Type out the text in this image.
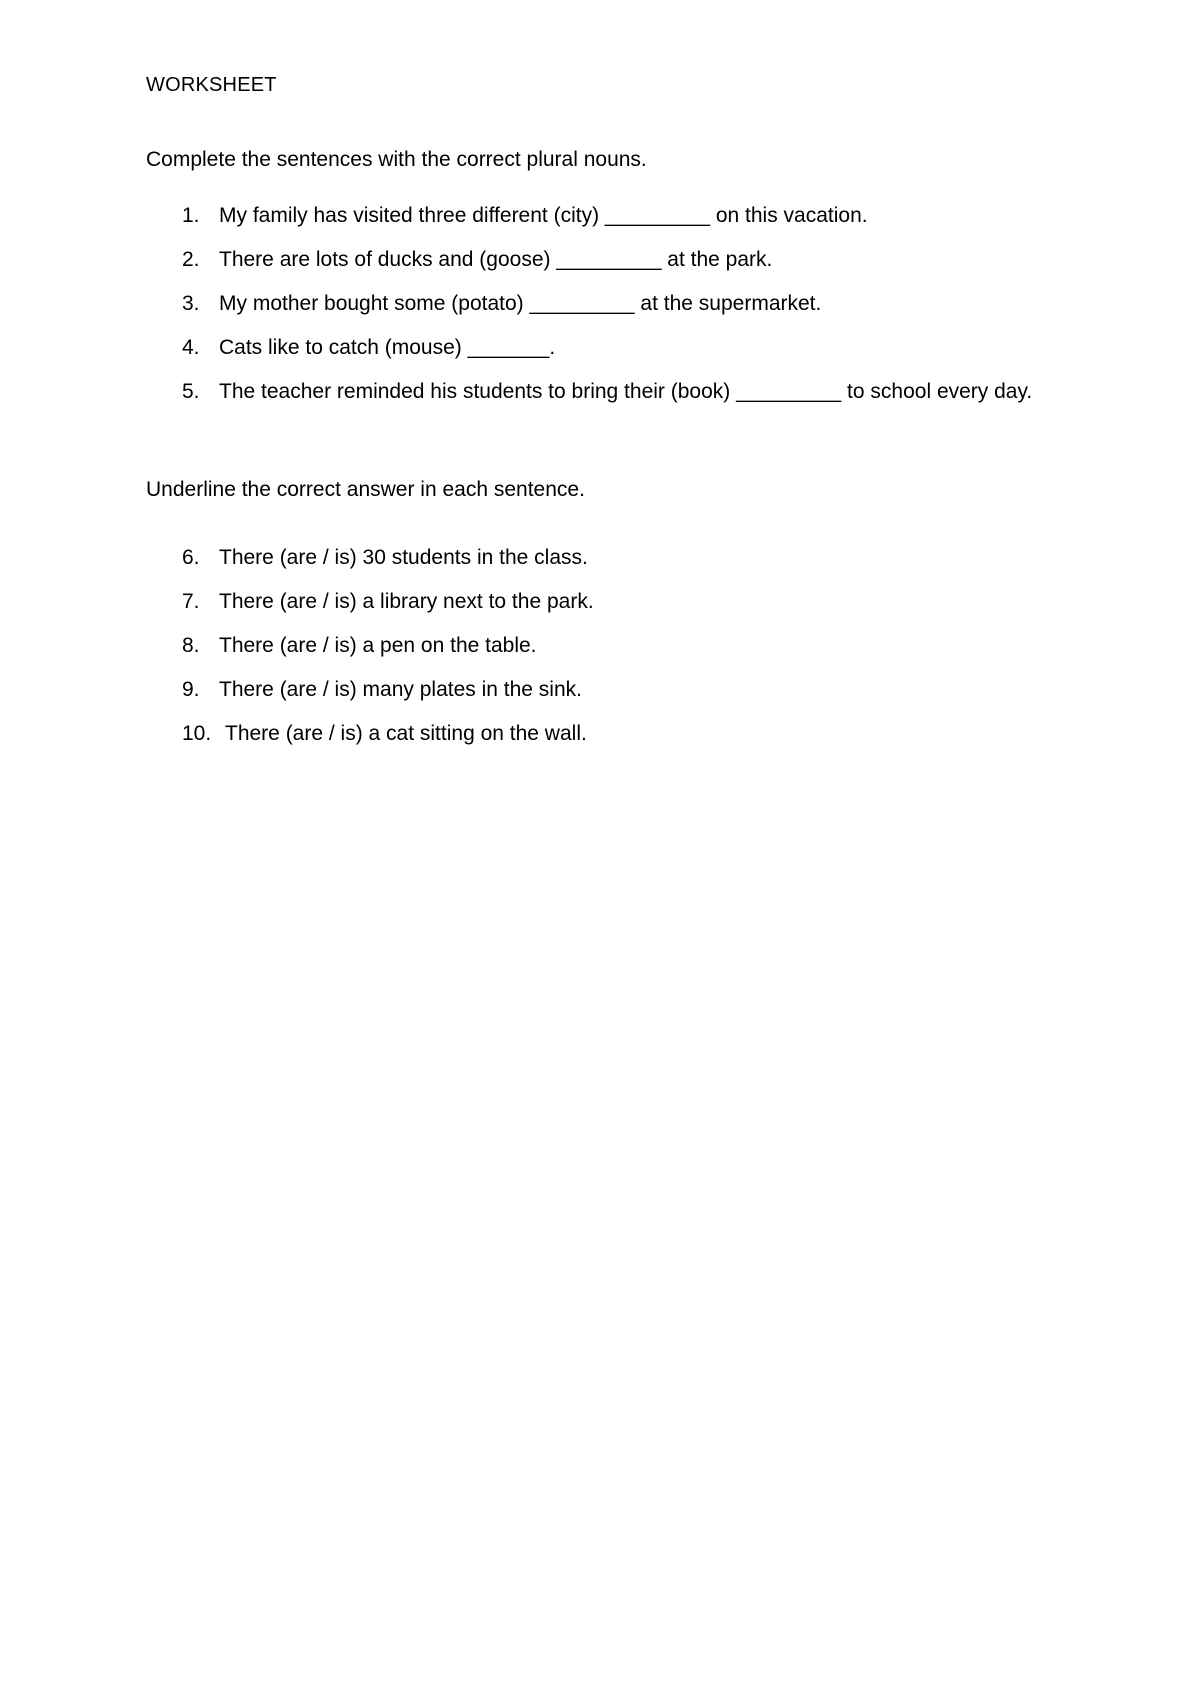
WORKSHEET
Complete the sentences with the correct plural nouns.
1. My family has visited three different (city) _________ on this vacation.
2. There are lots of ducks and (goose) _________ at the park.
3. My mother bought some (potato) _________ at the supermarket.
4. Cats like to catch (mouse) _______.
5. The teacher reminded his students to bring their (book) _________ to school every day.
Underline the correct answer in each sentence.
6. There (are / is) 30 students in the class.
7. There (are / is) a library next to the park.
8. There (are / is) a pen on the table.
9. There (are / is) many plates in the sink.
10. There (are / is) a cat sitting on the wall.
